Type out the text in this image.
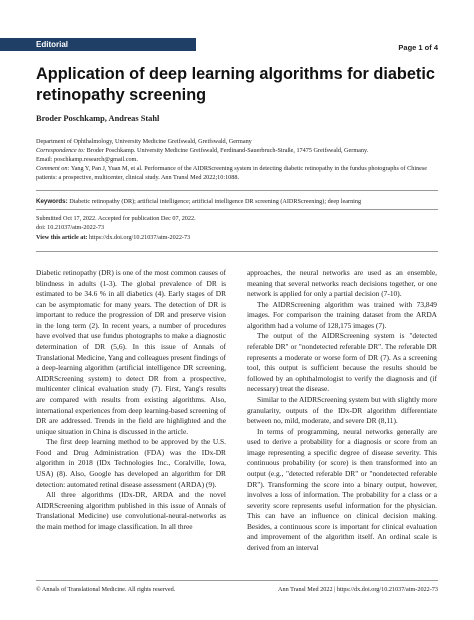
Editorial	Page 1 of 4
Application of deep learning algorithms for diabetic retinopathy screening
Broder Poschkamp, Andreas Stahl
Department of Ophthalmology, University Medicine Greifswald, Greifswald, Germany
Correspondence to: Broder Poschkamp. University Medicine Greifswald, Ferdinand-Sauerbruch-Straße, 17475 Greifswald, Germany.
Email: poschkamp.research@gmail.com.
Comment on: Yang Y, Pan J, Yuan M, et al. Performance of the AIDRScreening system in detecting diabetic retinopathy in the fundus photographs of Chinese patients: a prospective, multicenter, clinical study. Ann Transl Med 2022;10:1088.
Keywords: Diabetic retinopathy (DR); artificial intelligence; artificial intelligence DR screening (AIDRScreening); deep learning
Submitted Oct 17, 2022. Accepted for publication Dec 07, 2022.
doi: 10.21037/atm-2022-73
View this article at: https://dx.doi.org/10.21037/atm-2022-73

Diabetic retinopathy (DR) is one of the most common causes of blindness in adults (1-3). The global prevalence of DR is estimated to be 34.6 % in all diabetics (4). Early stages of DR can be asymptomatic for many years. The detection of DR is important to reduce the progression of DR and preserve vision in the long term (2). In recent years, a number of procedures have evolved that use fundus photographs to make a diagnostic determination of DR (5,6). In this issue of Annals of Translational Medicine, Yang and colleagues present findings of a deep-learning algorithm (artificial intelligence DR screening, AIDRScreening system) to detect DR from a prospective, multicenter clinical evaluation study (7). First, Yang's results are compared with results from existing algorithms. Also, international experiences from deep learning-based screening of DR are addressed. Trends in the field are highlighted and the unique situation in China is discussed in the article.

The first deep learning method to be approved by the U.S. Food and Drug Administration (FDA) was the IDx-DR algorithm in 2018 (IDx Technologies Inc., Coralville, Iowa, USA) (8). Also, Google has developed an algorithm for DR detection: automated retinal disease assessment (ARDA) (9).

All three algorithms (IDx-DR, ARDA and the novel AIDRScreening algorithm published in this issue of Annals of Translational Medicine) use convolutional-neural-networks as the main method for image classification. In all three

approaches, the neural networks are used as an ensemble, meaning that several networks reach decisions together, or one network is applied for only a partial decision (7-10).

The AIDRScreening algorithm was trained with 73,849 images. For comparison the training dataset from the ARDA algorithm had a volume of 128,175 images (7).

The output of the AIDRScreening system is "detected referable DR" or "nondetected referable DR". The referable DR represents a moderate or worse form of DR (7). As a screening tool, this output is sufficient because the results should be followed by an ophthalmologist to verify the diagnosis and (if necessary) treat the disease.

Similar to the AIDRScreening system but with slightly more granularity, outputs of the IDx-DR algorithm differentiate between no, mild, moderate, and severe DR (8,11).

In terms of programming, neural networks generally are used to derive a probability for a diagnosis or score from an image representing a specific degree of disease severity. This continuous probability (or score) is then transformed into an output (e.g., "detected referable DR" or "nondetected referable DR"). Transforming the score into a binary output, however, involves a loss of information. The probability for a class or a severity score represents useful information for the physician. This can have an influence on clinical decision making. Besides, a continuous score is important for clinical evaluation and improvement of the algorithm itself. An ordinal scale is derived from an interval

© Annals of Translational Medicine. All rights reserved.	Ann Transl Med 2022 | https://dx.doi.org/10.21037/atm-2022-73
